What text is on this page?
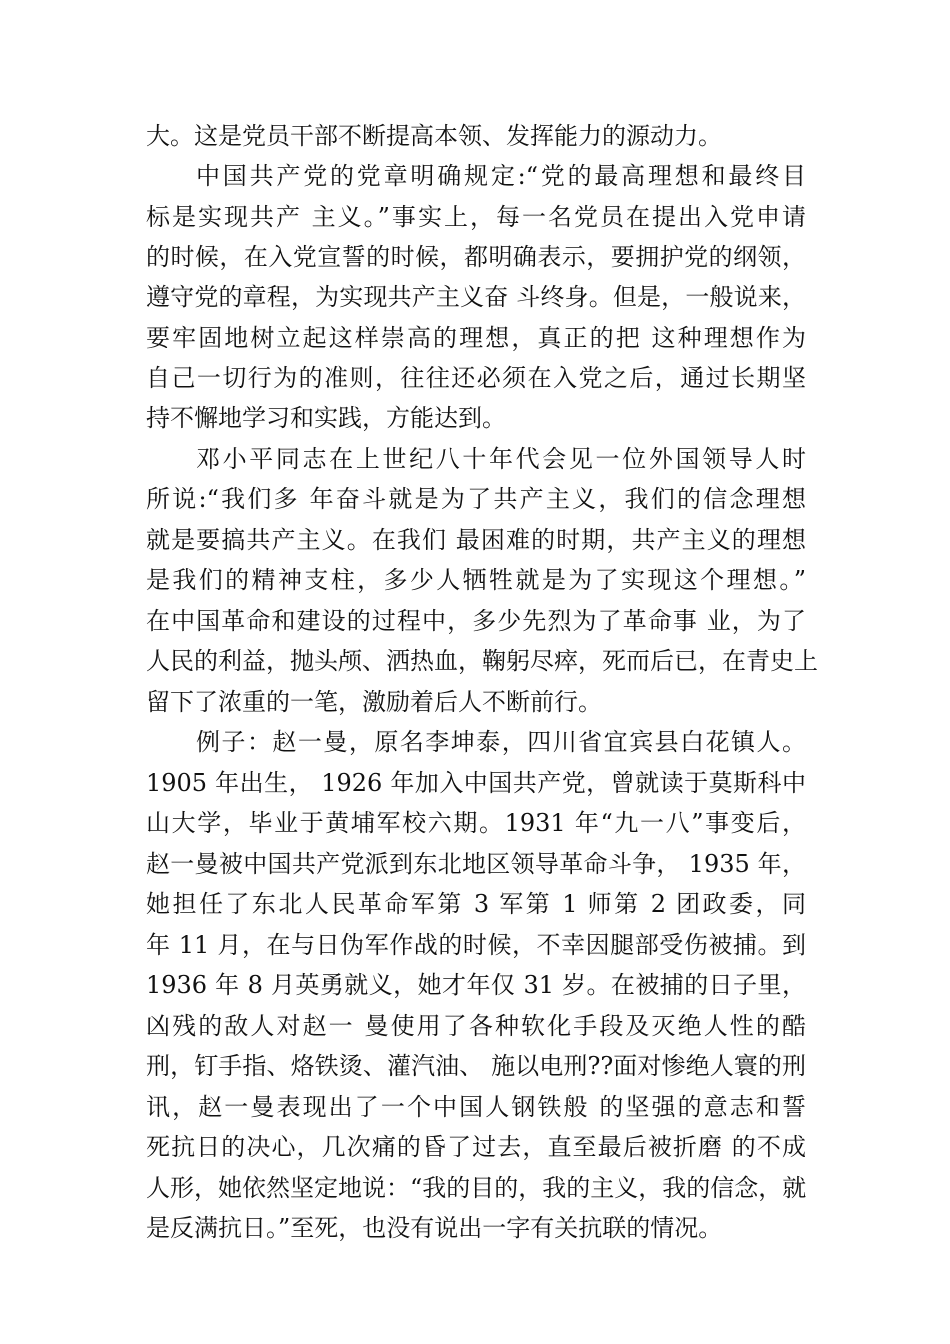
大。这是党员干部不断提高本领、发挥能力的源动力。

中国共产党的党章明确规定:“党的最高理想和最终目

标是实现共产 主义。”事实上，每一名党员在提出入党申请

的时候，在入党宣誓的时候，都明确表示，要拥护党的纲领，

遵守党的章程，为实现共产主义奋 斗终身。但是，一般说来，

要牢固地树立起这样崇高的理想，真正的把 这种理想作为

自己一切行为的准则，往往还必须在入党之后，通过长期坚

持不懈地学习和实践，方能达到。

邓小平同志在上世纪八十年代会见一位外国领导人时

所说:“我们多 年奋斗就是为了共产主义，我们的信念理想

就是要搞共产主义。在我们 最困难的时期，共产主义的理想

是我们的精神支柱，多少人牺牲就是为了实现这个理想。”

在中国革命和建设的过程中，多少先烈为了革命事 业，为了

人民的利益，抛头颅、洒热血，鞠躬尽瘁，死而后已，在青史上

留下了浓重的一笔，激励着后人不断前行。

例子：赵一曼，原名李坤泰，四川省宜宾县白花镇人。

1905 年出生， 1926 年加入中国共产党，曾就读于莫斯科中

山大学，毕业于黄埔军校六期。1931 年“九一八”事变后，

赵一曼被中国共产党派到东北地区领导革命斗争， 1935 年，

她担任了东北人民革命军第 3 军第 1 师第 2 团政委，同

年 11 月，在与日伪军作战的时候，不幸因腿部受伤被捕。到

1936 年 8 月英勇就义，她才年仅 31 岁。在被捕的日子里，

凶残的敌人对赵一 曼使用了各种软化手段及灭绝人性的酷

刑，钉手指、烙铁烫、灌汽油、 施以电刑??面对惨绝人寰的刑

讯，赵一曼表现出了一个中国人钢铁般 的坚强的意志和誓

死抗日的决心，几次痛的昏了过去，直至最后被折磨 的不成

人形，她依然坚定地说：“我的目的，我的主义，我的信念，就

是反满抗日。”至死，也没有说出一字有关抗联的情况。
